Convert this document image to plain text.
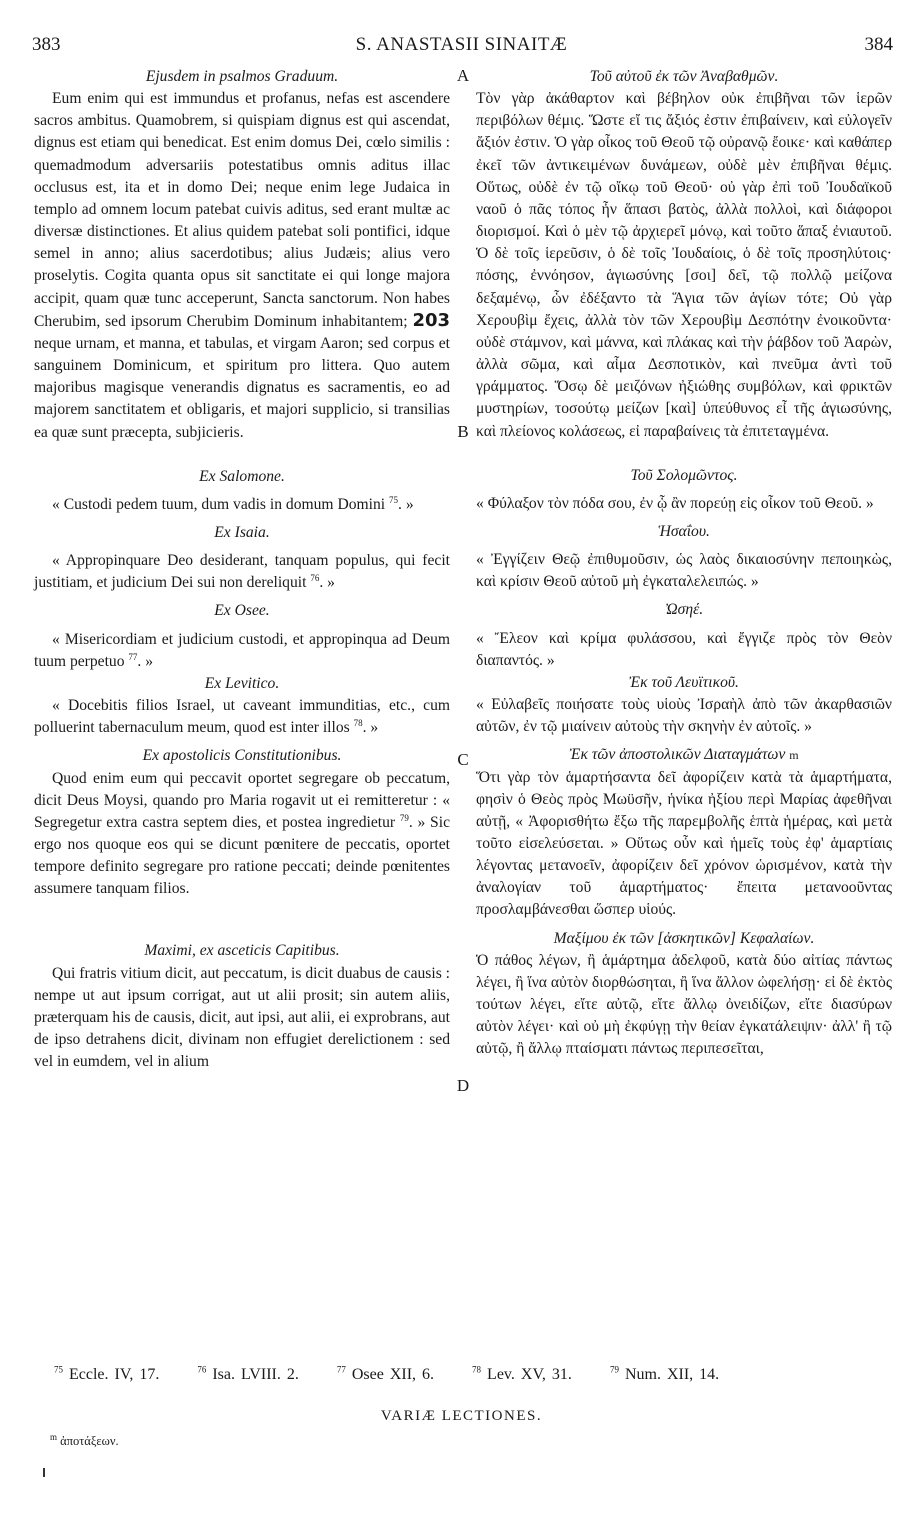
383	S. ANASTASII SINAITÆ	384
A
B
C
D
Ejusdem in psalmos Graduum.

Eum enim qui est immundus et profanus, nefas est ascendere sacros ambitus. Quamobrem, si quispiam dignus est qui ascendat, dignus est etiam qui benedicat. Est enim domus Dei, cœlo similis : quemadmodum adversariis potestatibus omnis aditus illac occlusus est, ita et in domo Dei; neque enim lege Judaica in templo ad omnem locum patebat cuivis aditus, sed erant multæ ac diversæ distinctiones. Et alius quidem patebat soli pontifici, idque semel in anno; alius sacerdotibus; alius Judæis; alius vero proselytis. Cogita quanta opus sit sanctitate ei qui longe majora accipit, quam quæ tunc acceperunt, Sancta sanctorum. Non habes Cherubim, sed ipsorum Cherubim Dominum inhabitantem; 203 neque urnam, et manna, et tabulas, et virgam Aaron; sed corpus et sanguinem Dominicum, et spiritum pro littera. Quo autem majoribus magisque venerandis dignatus es sacramentis, eo ad majorem sanctitatem et obligaris, et majori supplicio, si transilias ea quæ sunt præcepta, subjicieris.

Ex Salomone.

« Custodi pedem tuum, dum vadis in domum Domini $^{75}$. »

Ex Isaia.

« Appropinquare Deo desiderant, tanquam populus, qui fecit justitiam, et judicium Dei sui non dereliquit $^{76}$. »

Ex Osee.

« Misericordiam et judicium custodi, et appropinqua ad Deum tuum perpetuo $^{77}$. »

Ex Levitico.

« Docebitis filios Israel, ut caveant immunditias, etc., cum polluerint tabernaculum meum, quod est inter illos $^{78}$. »

Ex apostolicis Constitutionibus.

Quod enim eum qui peccavit oportet segregare ob peccatum, dicit Deus Moysi, quando pro Maria rogavit ut ei remitteretur : « Segregetur extra castra septem dies, et postea ingredietur $^{79}$. » Sic ergo nos quoque eos qui se dicunt pœnitere de peccatis, oportet tempore definito segregare pro ratione peccati; deinde pœnitentes assumere tanquam filios.

Maximi, ex asceticis Capitibus.

Qui fratris vitium dicit, aut peccatum, is dicit duabus de causis : nempe ut aut ipsum corrigat, aut ut alii prosit; sin autem aliis, præterquam his de causis, dicit, aut ipsi, aut alii, ei exprobrans, aut de ipso detrahens dicit, divinam non effugiet derelictionem : sed vel in eumdem, vel in alium

Τοῦ αὐτοῦ ἐκ τῶν Ἀναβαθμῶν.

Τὸν γὰρ ἀκάθαρτον καὶ βέβηλον οὐκ ἐπιβῆναι τῶν ἱερῶν περιβόλων θέμις. Ὥστε εἴ τις ἄξιός ἐστιν ἐπιβαίνειν, καὶ εὐλογεῖν ἄξιόν ἐστιν. Ὁ γὰρ οἶκος τοῦ Θεοῦ τῷ οὐρανῷ ἔοικε· καὶ καθάπερ ἐκεῖ τῶν ἀντικειμένων δυνάμεων, οὐδὲ μὲν ἐπιβῆναι θέμις. Οὕτως, οὐδὲ ἐν τῷ οἴκῳ τοῦ Θεοῦ· οὐ γὰρ ἐπὶ τοῦ Ἰουδαϊκοῦ ναοῦ ὁ πᾶς τόπος ἦν ἅπασι βατὸς, ἀλλὰ πολλοὶ, καὶ διάφοροι διορισμοί. Καὶ ὁ μὲν τῷ ἀρχιερεῖ μόνῳ, καὶ τοῦτο ἅπαξ ἐνιαυτοῦ. Ὁ δὲ τοῖς ἱερεῦσιν, ὁ δὲ τοῖς Ἰουδαίοις, ὁ δὲ τοῖς προσηλύτοις· πόσης, ἐννόησον, ἁγιωσύνης [σοι] δεῖ, τῷ πολλῷ μείζονα δεξαμένῳ, ὧν ἐδέξαντο τὰ Ἅγια τῶν ἁγίων τότε; Οὐ γὰρ Χερουβὶμ ἔχεις, ἀλλὰ τὸν τῶν Χερουβὶμ Δεσπότην ἐνοικοῦντα· οὐδὲ στάμνον, καὶ μάννα, καὶ πλάκας καὶ τὴν ῥάβδον τοῦ Ἀαρὼν, ἀλλὰ σῶμα, καὶ αἷμα Δεσποτικὸν, καὶ πνεῦμα ἀντὶ τοῦ γράμματος. Ὅσῳ δὲ μειζόνων ἠξιώθης συμβόλων, καὶ φρικτῶν μυστηρίων, τοσούτῳ μείζων [καὶ] ὑπεύθυνος εἶ τῆς ἁγιωσύνης, καὶ πλείονος κολάσεως, εἰ παραβαίνεις τὰ ἐπιτεταγμένα.

Τοῦ Σολομῶντος.

« Φύλαξον τὸν πόδα σου, ἐν ᾧ ἂν πορεύῃ εἰς οἶκον τοῦ Θεοῦ. »

Ἡσαΐου.

« Ἐγγίζειν Θεῷ ἐπιθυμοῦσιν, ὡς λαὸς δικαιοσύνην πεποιηκὼς, καὶ κρίσιν Θεοῦ αὐτοῦ μὴ ἐγκαταλελειπώς. »

Ὠσηέ.

« Ἔλεον καὶ κρίμα φυλάσσου, καὶ ἔγγιζε πρὸς τὸν Θεὸν διαπαντός. »

Ἐκ τοῦ Λευϊτικοῦ.

« Εὐλαβεῖς ποιήσατε τοὺς υἱοὺς Ἰσραὴλ ἀπὸ τῶν ἀκαρθασιῶν αὐτῶν, ἐν τῷ μιαίνειν αὐτοὺς τὴν σκηνὴν ἐν αὐτοῖς. »

Ἐκ τῶν ἀποστολικῶν Διαταγμάτων m

Ὅτι γὰρ τὸν ἁμαρτήσαντα δεῖ ἀφορίζειν κατὰ τὰ ἁμαρτήματα, φησὶν ὁ Θεὸς πρὸς Μωϋσῆν, ἡνίκα ἠξίου περὶ Μαρίας ἀφεθῆναι αὐτῇ, « Ἀφορισθήτω ἔξω τῆς παρεμβολῆς ἑπτὰ ἡμέρας, καὶ μετὰ τοῦτο εἰσελεύσεται. » Οὕτως οὖν καὶ ἡμεῖς τοὺς ἐφ' ἁμαρτίαις λέγοντας μετανοεῖν, ἀφορίζειν δεῖ χρόνον ὡρισμένον, κατὰ τὴν ἀναλογίαν τοῦ ἁμαρτήματος· ἔπειτα μετανοοῦντας προσλαμβάνεσθαι ὥσπερ υἱούς.

Μαξίμου ἐκ τῶν [ἀσκητικῶν] Κεφαλαίων.

Ὁ πάθος λέγων, ἢ ἁμάρτημα ἀδελφοῦ, κατὰ δύο αἰτίας πάντως λέγει, ἢ ἵνα αὐτὸν διορθώσηται, ἢ ἵνα ἄλλον ὠφελήσῃ· εἰ δὲ ἐκτὸς τούτων λέγει, εἴτε αὐτῷ, εἴτε ἄλλῳ ὀνειδίζων, εἴτε διασύρων αὐτὸν λέγει· καὶ οὐ μὴ ἐκφύγῃ τὴν θείαν ἐγκατάλειψιν· ἀλλ' ἢ τῷ αὐτῷ, ἢ ἄλλῳ πταίσματι πάντως περιπεσεῖται,

$^{75}$ Eccle. IV, 17.	$^{76}$ Isa. LVIII. 2.	$^{77}$ Osee XII, 6.	$^{78}$ Lev. XV, 31.	$^{79}$ Num. XII, 14.
VARIÆ LECTIONES.
$^m$ ἀποτάξεων.
